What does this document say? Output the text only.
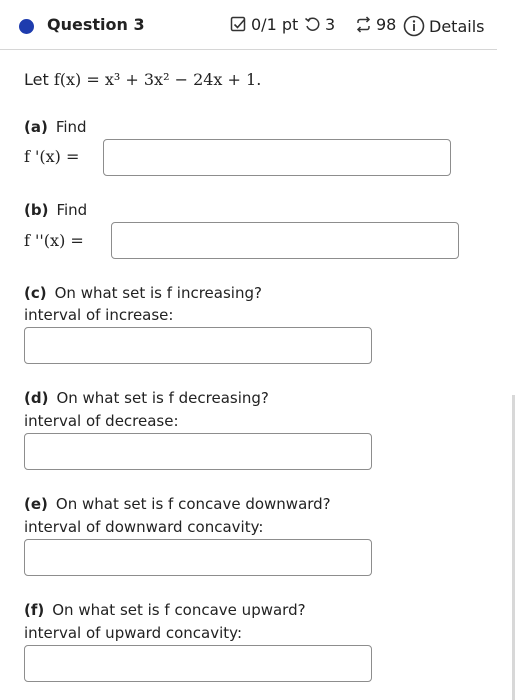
Question 3	0/1 pt 3	98 Details
Let f(x) = x³ + 3x² − 24x + 1.
(a) Find
f '(x) =
(b) Find
f ''(x) =
(c) On what set is f increasing?
interval of increase:
(d) On what set is f decreasing?
interval of decrease:
(e) On what set is f concave downward?
interval of downward concavity:
(f) On what set is f concave upward?
interval of upward concavity:
